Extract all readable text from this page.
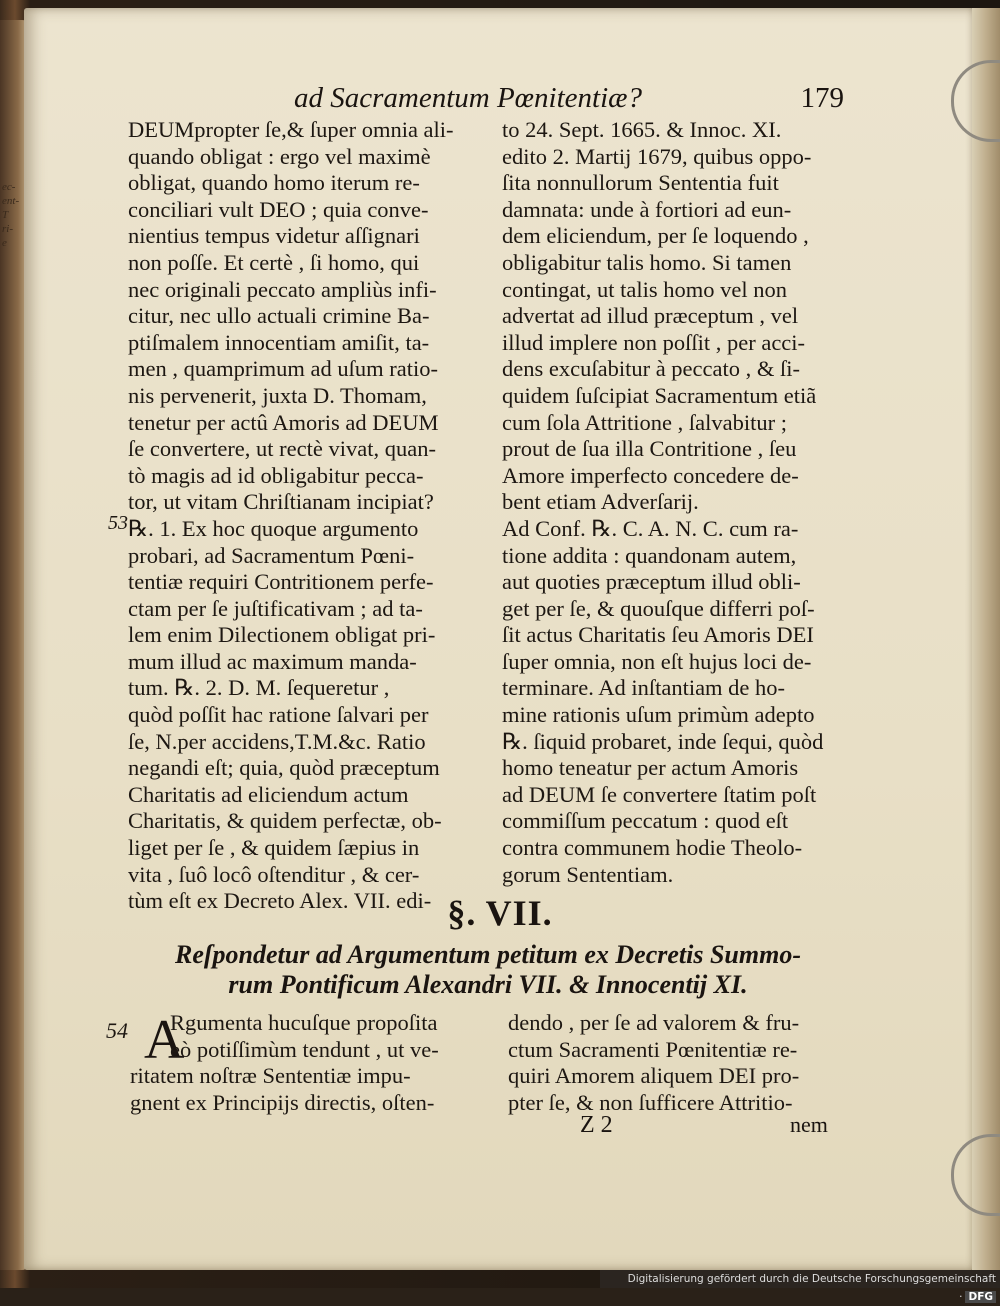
ec-
ent-
T
ri-
e
ad Sacramentum Pœnitentiæ?	179
DEUMpropter ſe,& ſuper omnia ali-
quando obligat : ergo vel maximè
obligat, quando homo iterum re-
conciliari vult DEO ; quia conve-
nientius tempus videtur aſſignari
non poſſe. Et certè , ſi homo, qui
nec originali peccato ampliùs infi-
citur, nec ullo actuali crimine Ba-
ptiſmalem innocentiam amiſit, ta-
men , quamprimum ad uſum ratio-
nis pervenerit, juxta D. Thomam,
tenetur per actû Amoris ad DEUM
ſe convertere, ut rectè vivat, quan-
tò magis ad id obligabitur pecca-
tor, ut vitam Chriſtianam incipiat?
℞. 1. Ex hoc quoque argumento
probari, ad Sacramentum Pœni-
tentiæ requiri Contritionem perfe-
ctam per ſe juſtificativam ; ad ta-
lem enim Dilectionem obligat pri-
mum illud ac maximum manda-
tum. ℞. 2. D. M. ſequeretur ,
quòd poſſit hac ratione ſalvari per
ſe, N.per accidens,T.M.&c. Ratio
negandi eſt; quia, quòd præceptum
Charitatis ad eliciendum actum
Charitatis, & quidem perfectæ, ob-
liget per ſe , & quidem ſæpius in
vita , ſuô locô oſtenditur , & cer-
tùm eſt ex Decreto Alex. VII. edi-
to 24. Sept. 1665. & Innoc. XI.
edito 2. Martij 1679, quibus oppo-
ſita nonnullorum Sententia fuit
damnata: unde à fortiori ad eun-
dem eliciendum, per ſe loquendo ,
obligabitur talis homo. Si tamen
contingat, ut talis homo vel non
advertat ad illud præceptum , vel
illud implere non poſſit , per acci-
dens excuſabitur à peccato , & ſi-
quidem ſuſcipiat Sacramentum etiã
cum ſola Attritione , ſalvabitur ;
prout de ſua illa Contritione , ſeu
Amore imperfecto concedere de-
bent etiam Adverſarij.
Ad Conf. ℞. C. A. N. C. cum ra-
tione addita : quandonam autem,
aut quoties præceptum illud obli-
get per ſe, & quouſque differri poſ-
ſit actus Charitatis ſeu Amoris DEI
ſuper omnia, non eſt hujus loci de-
terminare. Ad inſtantiam de ho-
mine rationis uſum primùm adepto
℞. ſiquid probaret, inde ſequi, quòd
homo teneatur per actum Amoris
ad DEUM ſe convertere ſtatim poſt
commiſſum peccatum : quod eſt
contra communem hodie Theolo-
gorum Sententiam.
53
§. VII.
Reſpondetur ad Argumentum petitum ex Decretis Summo-
rum Pontificum Alexandri VII. & Innocentij XI.
54 A
Rgumenta hucuſque propoſita
eò potiſſimùm tendunt , ut ve-
ritatem noſtræ Sententiæ impu-
gnent ex Principijs directis, oſten-
dendo , per ſe ad valorem & fru-
ctum Sacramenti Pœnitentiæ re-
quiri Amorem aliquem DEI pro-
pter ſe, & non ſufficere Attritio-
Z 2	nem
Digitalisierung gefördert durch die Deutsche Forschungsgemeinschaft · DFG
